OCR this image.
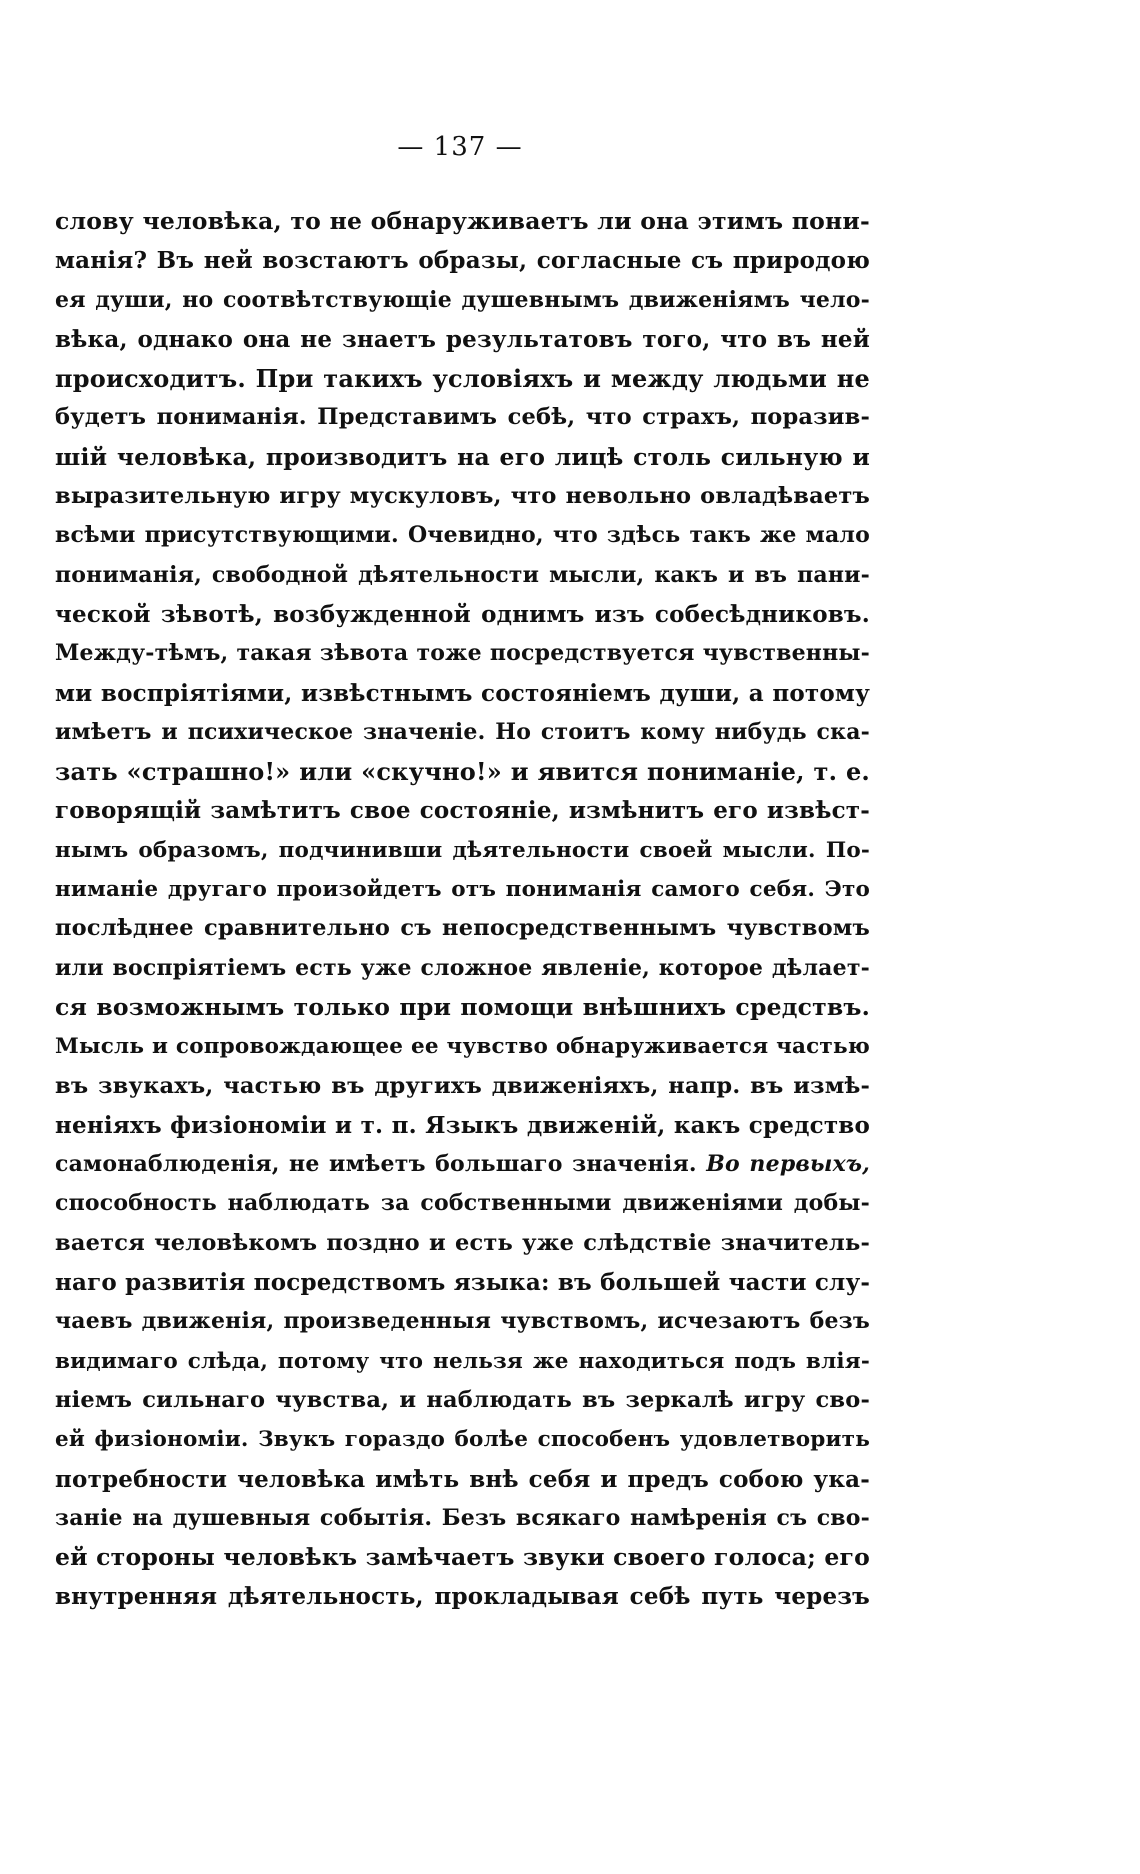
— 137 —
слову человѣка, то не обнаруживаетъ ли она этимъ пони-
манія? Въ ней возстаютъ образы, согласные съ природою
ея души, но соотвѣтствующіе душевнымъ движеніямъ чело-
вѣка, однако она не знаетъ результатовъ того, что въ ней
происходитъ. При такихъ условіяхъ и между людьми не
будетъ пониманія. Представимъ себѣ, что страхъ, поразив-
шій человѣка, производитъ на его лицѣ столь сильную и
выразительную игру мускуловъ, что невольно овладѣваетъ
всѣми присутствующими. Очевидно, что здѣсь такъ же мало
пониманія, свободной дѣятельности мысли, какъ и въ пани-
ческой зѣвотѣ, возбужденной однимъ изъ собесѣдниковъ.
Между-тѣмъ, такая зѣвота тоже посредствуется чувственны-
ми воспріятіями, извѣстнымъ состояніемъ души, а потому
имѣетъ и психическое значеніе. Но стоитъ кому нибудь ска-
зать «страшно!» или «скучно!» и явится пониманіе, т. е.
говорящій замѣтитъ свое состояніе, измѣнитъ его извѣст-
нымъ образомъ, подчинивши дѣятельности своей мысли. По-
ниманіе другаго произойдетъ отъ пониманія самого себя. Это
послѣднее сравнительно съ непосредственнымъ чувствомъ
или воспріятіемъ есть уже сложное явленіе, которое дѣлает-
ся возможнымъ только при помощи внѣшнихъ средствъ.
Мысль и сопровождающее ее чувство обнаруживается частью
въ звукахъ, частью въ другихъ движеніяхъ, напр. въ измѣ-
неніяхъ физіономіи и т. п. Языкъ движеній, какъ средство
самонаблюденія, не имѣетъ большаго значенія. Во первыхъ,
способность наблюдать за собственными движеніями добы-
вается человѣкомъ поздно и есть уже слѣдствіе значитель-
наго развитія посредствомъ языка: въ большей части слу-
чаевъ движенія, произведенныя чувствомъ, исчезаютъ безъ
видимаго слѣда, потому что нельзя же находиться подъ влія-
ніемъ сильнаго чувства, и наблюдать въ зеркалѣ игру сво-
ей физіономіи. Звукъ гораздо болѣе способенъ удовлетворить
потребности человѣка имѣть внѣ себя и предъ собою ука-
заніе на душевныя событія. Безъ всякаго намѣренія съ сво-
ей стороны человѣкъ замѣчаетъ звуки своего голоса; его
внутренняя дѣятельность, прокладывая себѣ путь черезъ
